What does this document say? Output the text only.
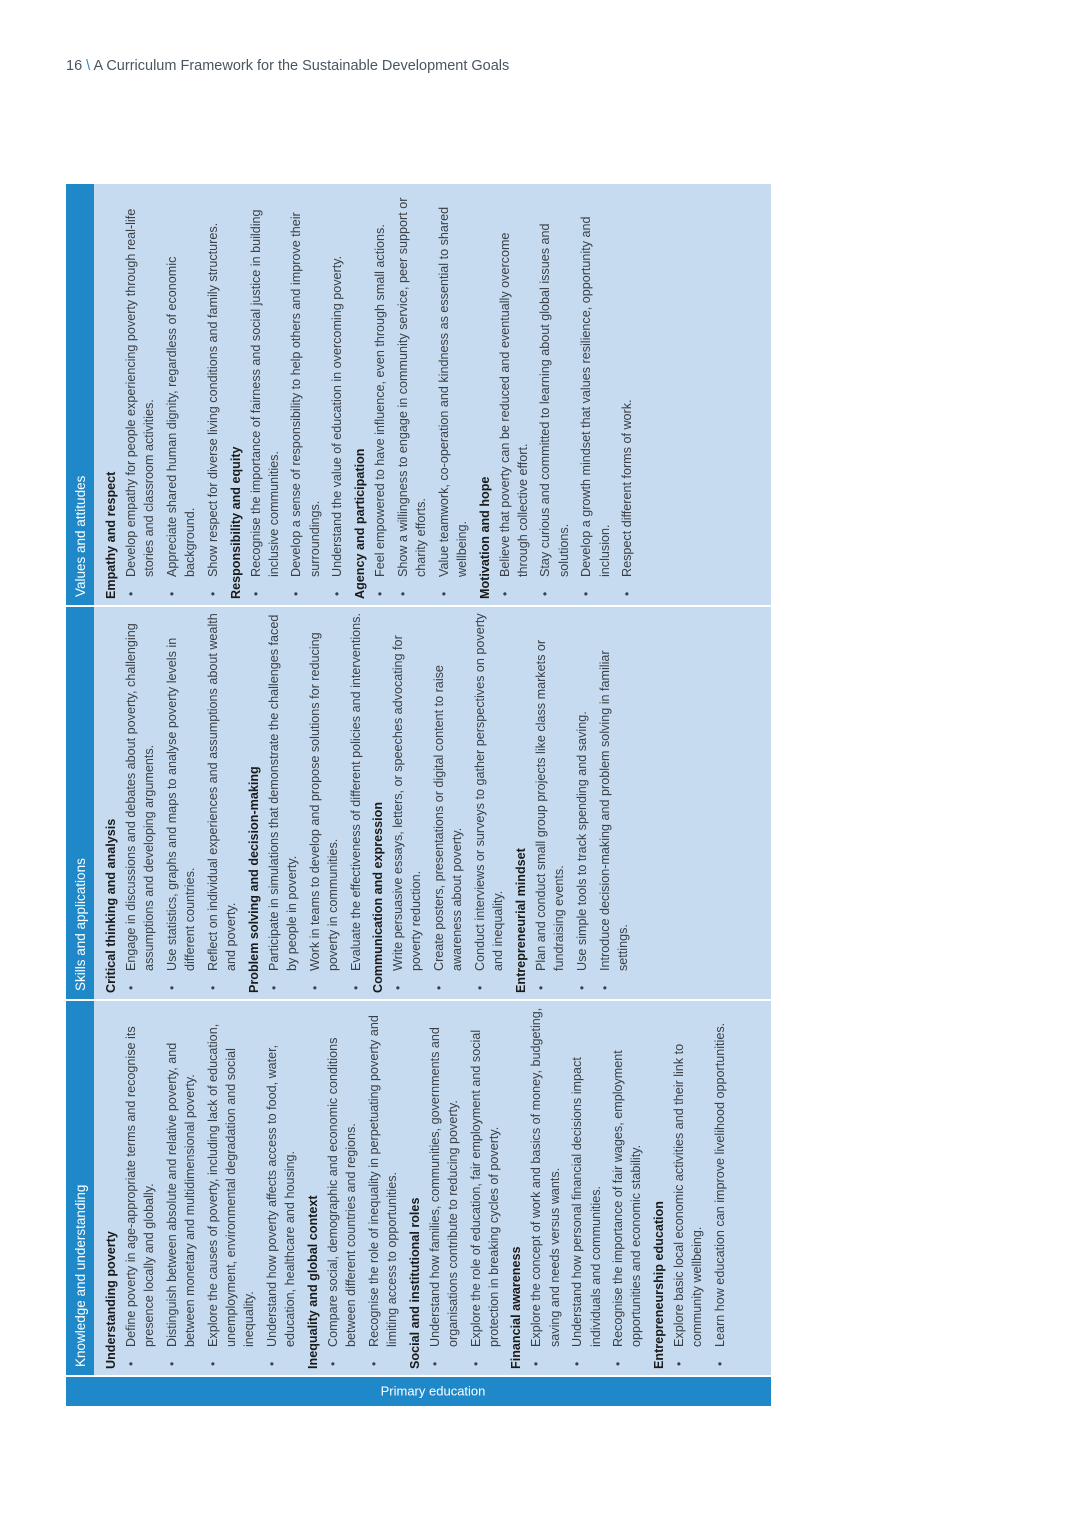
16 \ A Curriculum Framework for the Sustainable Development Goals
Knowledge and understanding
Skills and applications
Values and attitudes
Primary education
Understanding poverty • Define poverty in age-appropriate terms and recognise its presence locally and globally. • Distinguish between absolute and relative poverty, and between monetary and multidimensional poverty. • Explore the causes of poverty, including lack of education, unemployment, environmental degradation and social inequality. • Understand how poverty affects access to food, water, education, healthcare and housing. Inequality and global context • Compare social, demographic and economic conditions between different countries and regions. • Recognise the role of inequality in perpetuating poverty and limiting access to opportunities. Social and institutional roles • Understand how families, communities, governments and organisations contribute to reducing poverty. • Explore the role of education, fair employment and social protection in breaking cycles of poverty. Financial awareness • Explore the concept of work and basics of money, budgeting, saving and needs versus wants. • Understand how personal financial decisions impact individuals and communities. • Recognise the importance of fair wages, employment opportunities and economic stability. Entrepreneurship education • Explore basic local economic activities and their link to community wellbeing. • Learn how education can improve livelihood opportunities.
Critical thinking and analysis • Engage in discussions and debates about poverty, challenging assumptions and developing arguments. • Use statistics, graphs and maps to analyse poverty levels in different countries. • Reflect on individual experiences and assumptions about wealth and poverty. Problem solving and decision-making • Participate in simulations that demonstrate the challenges faced by people in poverty. • Work in teams to develop and propose solutions for reducing poverty in communities. • Evaluate the effectiveness of different policies and interventions. Communication and expression • Write persuasive essays, letters, or speeches advocating for poverty reduction. • Create posters, presentations or digital content to raise awareness about poverty. • Conduct interviews or surveys to gather perspectives on poverty and inequality. Entrepreneurial mindset • Plan and conduct small group projects like class markets or fundraising events. • Use simple tools to track spending and saving. • Introduce decision-making and problem solving in familiar settings.
Empathy and respect • Develop empathy for people experiencing poverty through real-life stories and classroom activities. • Appreciate shared human dignity, regardless of economic background. • Show respect for diverse living conditions and family structures. Responsibility and equity • Recognise the importance of fairness and social justice in building inclusive communities. • Develop a sense of responsibility to help others and improve their surroundings. • Understand the value of education in overcoming poverty. Agency and participation • Feel empowered to have influence, even through small actions. • Show a willingness to engage in community service, peer support or charity efforts. • Value teamwork, co-operation and kindness as essential to shared wellbeing. Motivation and hope • Believe that poverty can be reduced and eventually overcome through collective effort. • Stay curious and committed to learning about global issues and solutions. • Develop a growth mindset that values resilience, opportunity and inclusion. • Respect different forms of work.
